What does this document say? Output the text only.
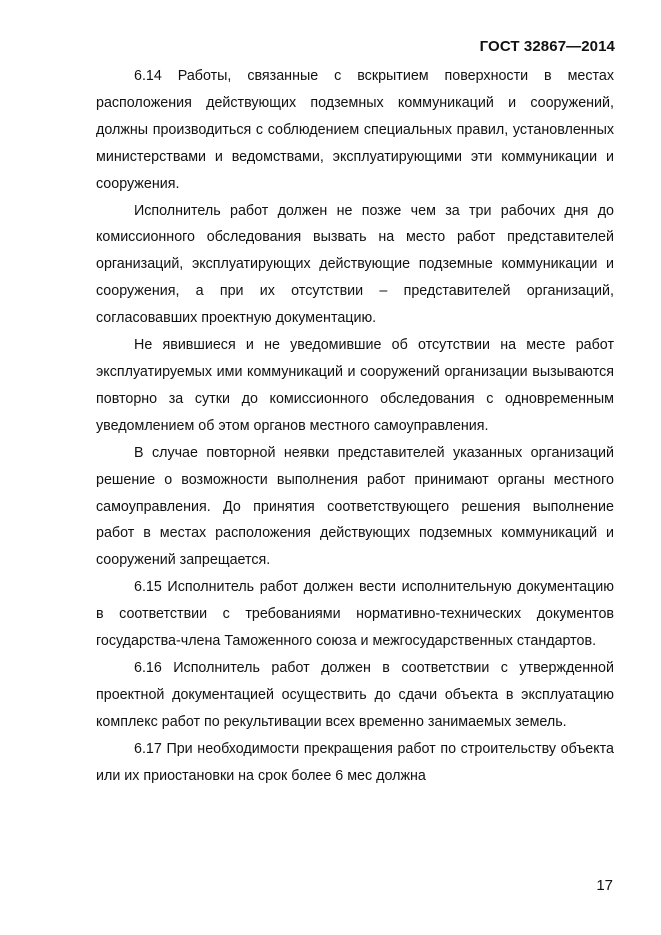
ГОСТ 32867—2014

6.14 Работы, связанные с вскрытием поверхности в местах расположения действующих подземных коммуникаций и сооружений, должны производиться с соблюдением специальных правил, установленных министерствами и ведомствами, эксплуатирующими эти коммуникации и сооружения.

Исполнитель работ должен не позже чем за три рабочих дня до комиссионного обследования вызвать на место работ представителей организаций, эксплуатирующих действующие подземные коммуникации и сооружения, а при их отсутствии – представителей организаций, согласовавших проектную документацию.

Не явившиеся и не уведомившие об отсутствии на месте работ эксплуатируемых ими коммуникаций и сооружений организации вызываются повторно за сутки до комиссионного обследования с одновременным уведомлением об этом органов местного самоуправления.

В случае повторной неявки представителей указанных организаций решение о возможности выполнения работ принимают органы местного самоуправления. До принятия соответствующего решения выполнение работ в местах расположения действующих подземных коммуникаций и сооружений запрещается.

6.15 Исполнитель работ должен вести исполнительную документацию в соответствии с требованиями нормативно-технических документов государства-члена Таможенного союза и межгосударственных стандартов.

6.16 Исполнитель работ должен в соответствии с утвержденной проектной документацией осуществить до сдачи объекта в эксплуатацию комплекс работ по рекультивации всех временно занимаемых земель.

6.17 При необходимости прекращения работ по строительству объекта или их приостановки на срок более 6 мес должна

17
